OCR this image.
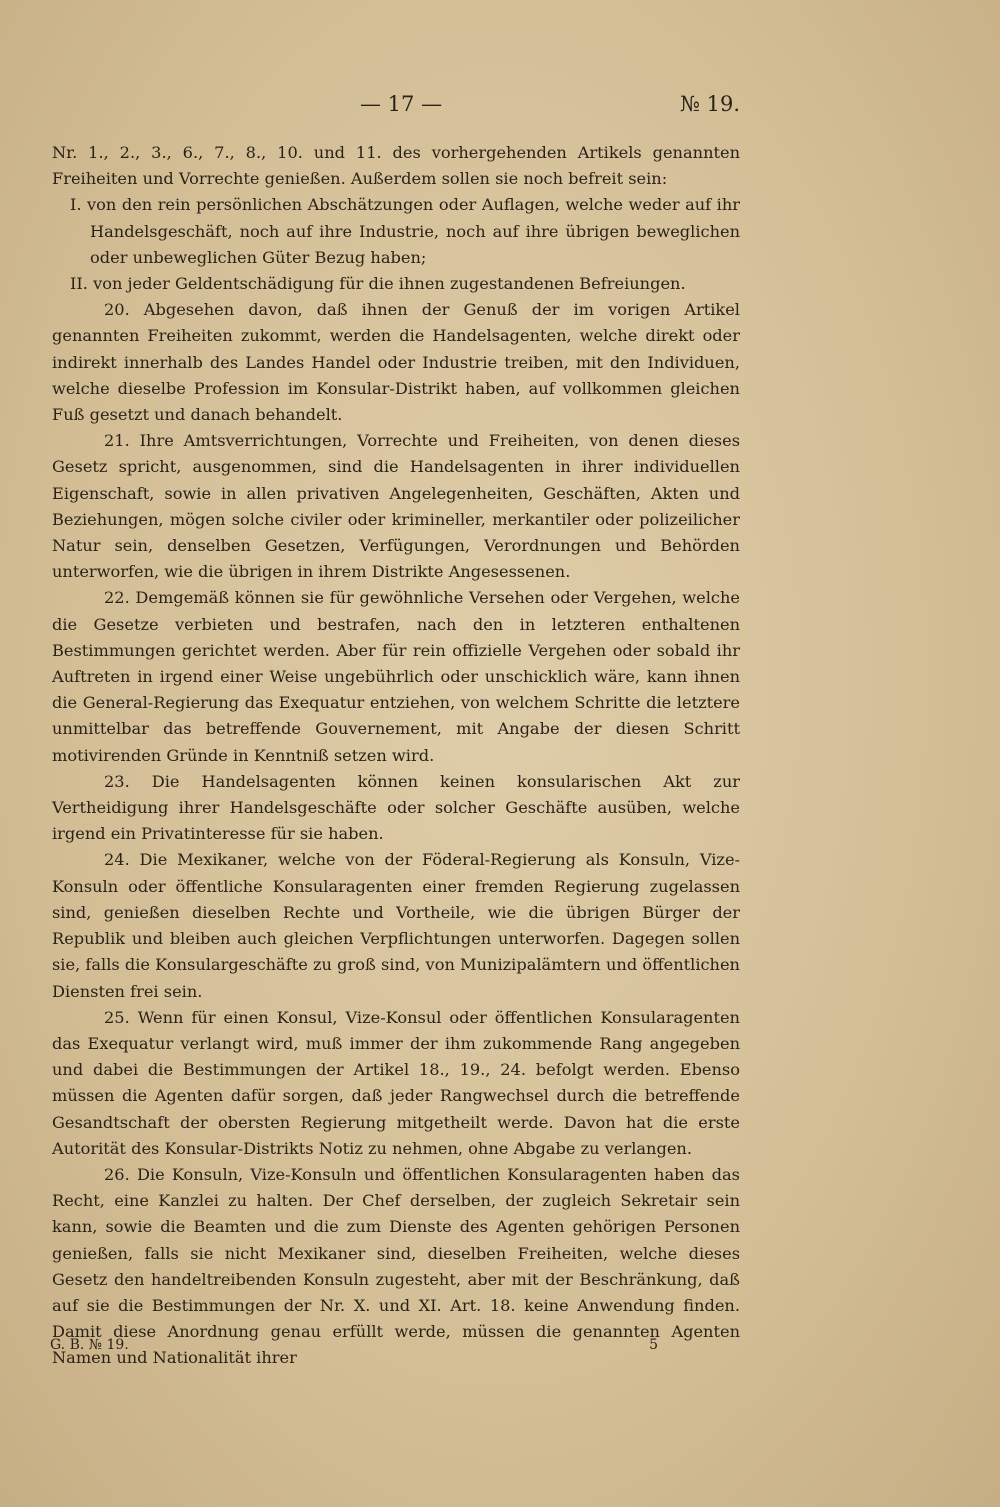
— 17 —	№ 19.

Nr. 1., 2., 3., 6., 7., 8., 10. und 11. des vorhergehenden Artikels genannten Freiheiten und Vorrechte genießen. Außerdem sollen sie noch befreit sein:

I. von den rein persönlichen Abschätzungen oder Auflagen, welche weder auf ihr Handelsgeschäft, noch auf ihre Industrie, noch auf ihre übrigen beweglichen oder unbeweglichen Güter Bezug haben;

II. von jeder Geldentschädigung für die ihnen zugestandenen Befreiungen.

20. Abgesehen davon, daß ihnen der Genuß der im vorigen Artikel genannten Freiheiten zukommt, werden die Handelsagenten, welche direkt oder indirekt innerhalb des Landes Handel oder Industrie treiben, mit den Individuen, welche dieselbe Profession im Konsular-Distrikt haben, auf vollkommen gleichen Fuß gesetzt und danach behandelt.

21. Ihre Amtsverrichtungen, Vorrechte und Freiheiten, von denen dieses Gesetz spricht, ausgenommen, sind die Handelsagenten in ihrer individuellen Eigenschaft, sowie in allen privativen Angelegenheiten, Geschäften, Akten und Beziehungen, mögen solche civiler oder krimineller, merkantiler oder polizeilicher Natur sein, denselben Gesetzen, Verfügungen, Verordnungen und Behörden unterworfen, wie die übrigen in ihrem Distrikte Angesessenen.

22. Demgemäß können sie für gewöhnliche Versehen oder Vergehen, welche die Gesetze verbieten und bestrafen, nach den in letzteren enthaltenen Bestimmungen gerichtet werden. Aber für rein offizielle Vergehen oder sobald ihr Auftreten in irgend einer Weise ungebührlich oder unschicklich wäre, kann ihnen die General-Regierung das Exequatur entziehen, von welchem Schritte die letztere unmittelbar das betreffende Gouvernement, mit Angabe der diesen Schritt motivirenden Gründe in Kenntniß setzen wird.

23. Die Handelsagenten können keinen konsularischen Akt zur Vertheidigung ihrer Handelsgeschäfte oder solcher Geschäfte ausüben, welche irgend ein Privatinteresse für sie haben.

24. Die Mexikaner, welche von der Föderal-Regierung als Konsuln, Vize-Konsuln oder öffentliche Konsularagenten einer fremden Regierung zugelassen sind, genießen dieselben Rechte und Vortheile, wie die übrigen Bürger der Republik und bleiben auch gleichen Verpflichtungen unterworfen. Dagegen sollen sie, falls die Konsulargeschäfte zu groß sind, von Munizipalämtern und öffentlichen Diensten frei sein.

25. Wenn für einen Konsul, Vize-Konsul oder öffentlichen Konsularagenten das Exequatur verlangt wird, muß immer der ihm zukommende Rang angegeben und dabei die Bestimmungen der Artikel 18., 19., 24. befolgt werden. Ebenso müssen die Agenten dafür sorgen, daß jeder Rangwechsel durch die betreffende Gesandtschaft der obersten Regierung mitgetheilt werde. Davon hat die erste Autorität des Konsular-Distrikts Notiz zu nehmen, ohne Abgabe zu verlangen.

26. Die Konsuln, Vize-Konsuln und öffentlichen Konsularagenten haben das Recht, eine Kanzlei zu halten. Der Chef derselben, der zugleich Sekretair sein kann, sowie die Beamten und die zum Dienste des Agenten gehörigen Personen genießen, falls sie nicht Mexikaner sind, dieselben Freiheiten, welche dieses Gesetz den handeltreibenden Konsuln zugesteht, aber mit der Beschränkung, daß auf sie die Bestimmungen der Nr. X. und XI. Art. 18. keine Anwendung finden. Damit diese Anordnung genau erfüllt werde, müssen die genannten Agenten Namen und Nationalität ihrer

G. B. № 19.	5
